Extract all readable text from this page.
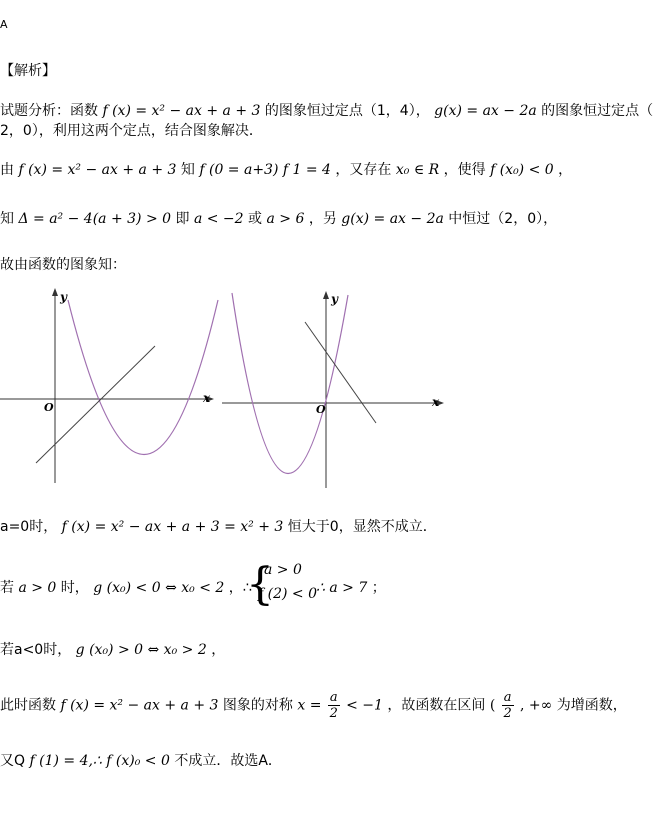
A
【解析】
试题分析：函数 f (x) = x² − ax + a + 3 的图象恒过定点（1，4）， g(x) = ax − 2a 的图象恒过定点（
2，0），利用这两个定点，结合图象解决．
由 f (x) = x² − ax + a + 3 知 f (0 = a+3) f 1 = 4 ，又存在 x₀ ∈ R ，使得 f (x₀) < 0 ，
知 Δ = a² − 4(a + 3) > 0 即 a < −2 或 a > 6 ，另 g(x) = ax − 2a 中恒过（2，0），
故由函数的图象知：
y
x
O
y
x
O
a=0时， f (x) = x² − ax + a + 3 = x² + 3 恒大于0，显然不成立．
若 a > 0 时， g (x₀) < 0 ⇔ x₀ < 2 ，∴
{
a > 0
f (2) < 0
∴ a > 7 ；
若a<0时， g (x₀) > 0 ⇔ x₀ > 2 ，
此时函数 f (x) = x² − ax + a + 3 图象的对称 $x = \frac{a}{2} < -1$ ，故函数在区间 ( $\frac{a}{2}$ , +∞ 为增函数，
又Q f (1) = 4,∴ f (x)₀ < 0 不成立．故选A．
